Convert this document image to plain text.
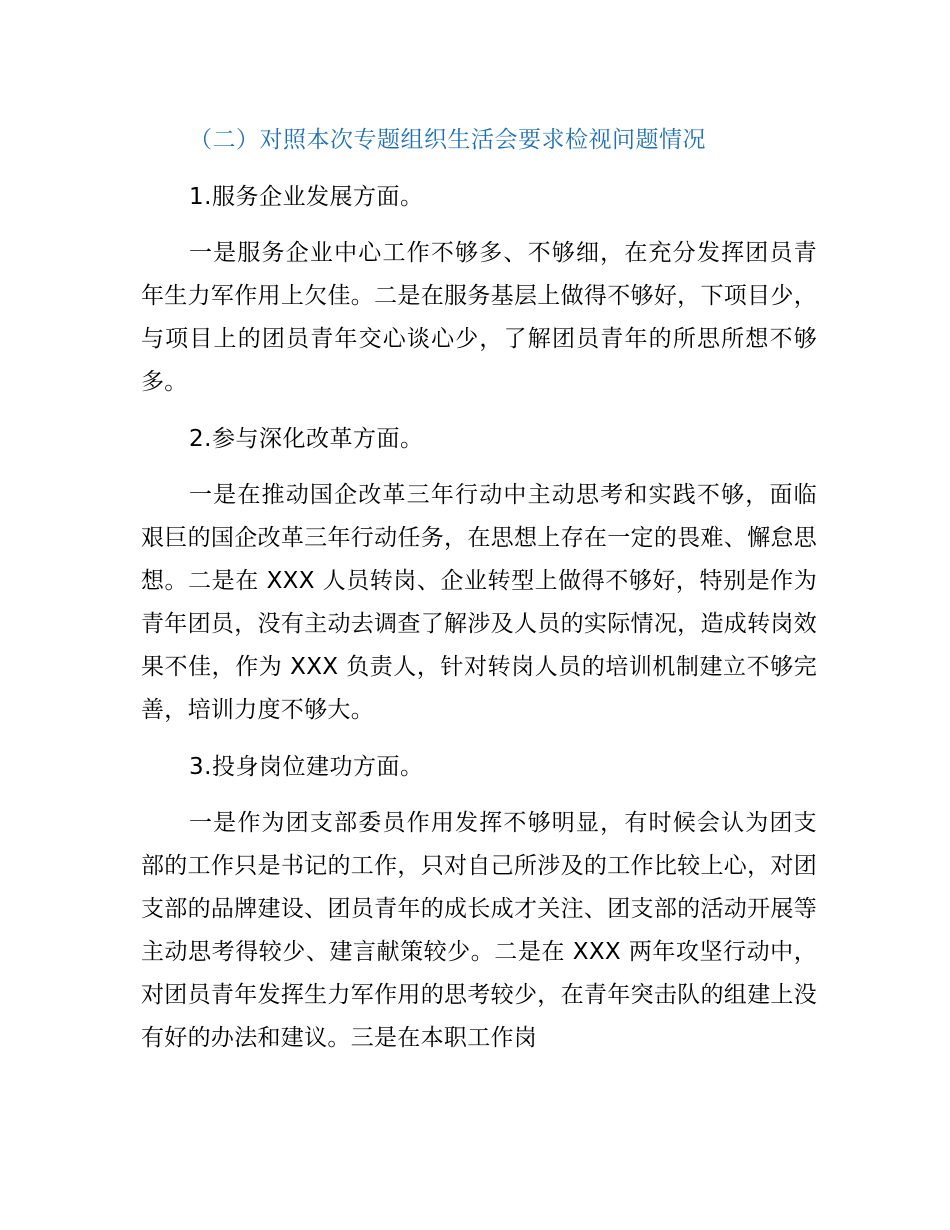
（二）对照本次专题组织生活会要求检视问题情况

1.服务企业发展方面。

一是服务企业中心工作不够多、不够细，在充分发挥团员青年生力军作用上欠佳。二是在服务基层上做得不够好，下项目少，与项目上的团员青年交心谈心少，了解团员青年的所思所想不够多。

2.参与深化改革方面。

一是在推动国企改革三年行动中主动思考和实践不够，面临艰巨的国企改革三年行动任务，在思想上存在一定的畏难、懈怠思想。二是在 XXX 人员转岗、企业转型上做得不够好，特别是作为青年团员，没有主动去调查了解涉及人员的实际情况，造成转岗效果不佳，作为 XXX 负责人，针对转岗人员的培训机制建立不够完善，培训力度不够大。

3.投身岗位建功方面。

一是作为团支部委员作用发挥不够明显，有时候会认为团支部的工作只是书记的工作，只对自己所涉及的工作比较上心，对团支部的品牌建设、团员青年的成长成才关注、团支部的活动开展等主动思考得较少、建言献策较少。二是在 XXX 两年攻坚行动中，对团员青年发挥生力军作用的思考较少，在青年突击队的组建上没有好的办法和建议。三是在本职工作岗
